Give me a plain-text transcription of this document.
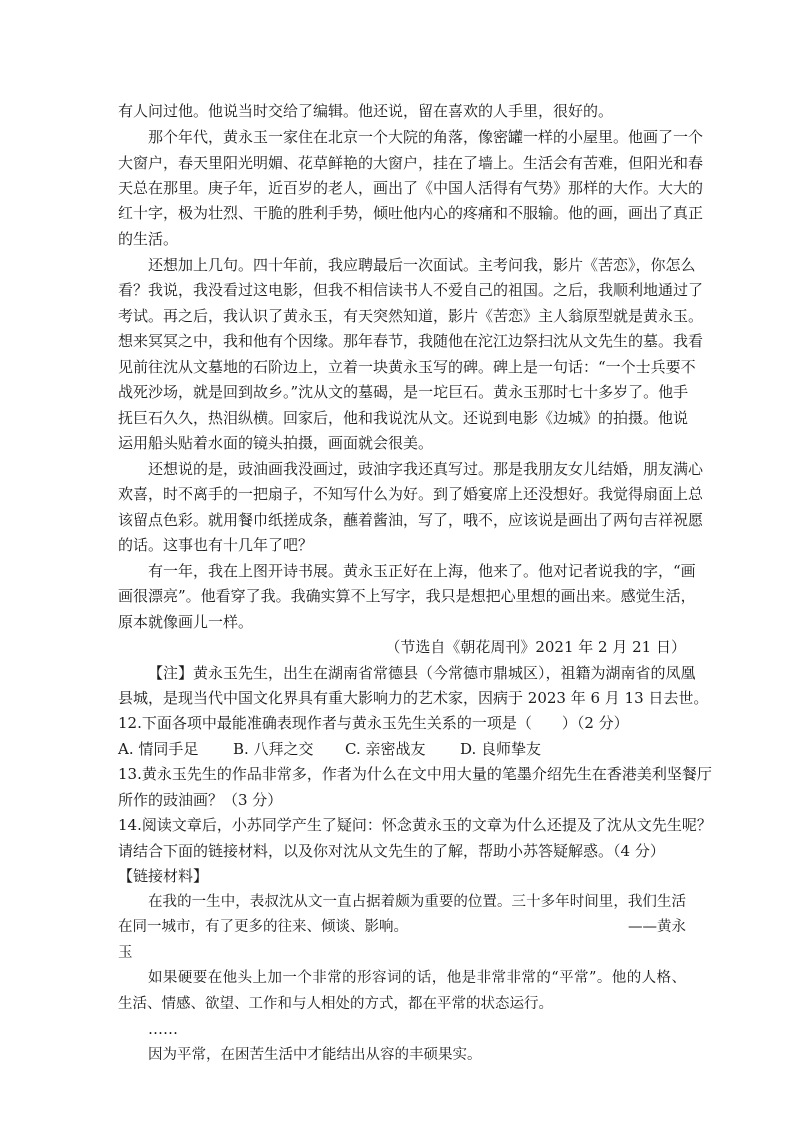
有人问过他。他说当时交给了编辑。他还说，留在喜欢的人手里，很好的。
那个年代，黄永玉一家住在北京一个大院的角落，像密罐一样的小屋里。他画了一个
大窗户，春天里阳光明媚、花草鲜艳的大窗户，挂在了墙上。生活会有苦难，但阳光和春
天总在那里。庚子年，近百岁的老人，画出了《中国人活得有气势》那样的大作。大大的
红十字，极为壮烈、干脆的胜利手势，倾吐他内心的疼痛和不服输。他的画，画出了真正
的生活。
还想加上几句。四十年前，我应聘最后一次面试。主考问我，影片《苦恋》，你怎么
看？我说，我没看过这电影，但我不相信读书人不爱自己的祖国。之后，我顺利地通过了
考试。再之后，我认识了黄永玉，有天突然知道，影片《苦恋》主人翁原型就是黄永玉。
想来冥冥之中，我和他有个因缘。那年春节，我随他在沱江边祭扫沈从文先生的墓。我看
见前往沈从文墓地的石阶边上，立着一块黄永玉写的碑。碑上是一句话：“一个士兵要不
战死沙场，就是回到故乡。”沈从文的墓碣，是一坨巨石。黄永玉那时七十多岁了。他手
抚巨石久久，热泪纵横。回家后，他和我说沈从文。还说到电影《边城》的拍摄。他说
运用船头贴着水面的镜头拍摄，画面就会很美。
还想说的是，豉油画我没画过，豉油字我还真写过。那是我朋友女儿结婚，朋友满心
欢喜，时不离手的一把扇子，不知写什么为好。到了婚宴席上还没想好。我觉得扇面上总
该留点色彩。就用餐巾纸搓成条，蘸着酱油，写了，哦不，应该说是画出了两句吉祥祝愿
的话。这事也有十几年了吧？
有一年，我在上图开诗书展。黄永玉正好在上海，他来了。他对记者说我的字，“画
画很漂亮”。他看穿了我。我确实算不上写字，我只是想把心里想的画出来。感觉生活，
原本就像画儿一样。
（节选自《朝花周刊》2021 年 2 月 21 日）
【注】黄永玉先生，出生在湖南省常德县（今常德市鼎城区），祖籍为湖南省的凤凰
县城，是现当代中国文化界具有重大影响力的艺术家，因病于 2023 年 6 月 13 日去世。
12.下面各项中最能准确表现作者与黄永玉先生关系的一项是（　　）（2 分）
A. 情同手足 B. 八拜之交 C. 亲密战友 D. 良师挚友
13.黄永玉先生的作品非常多，作者为什么在文中用大量的笔墨介绍先生在香港美利坚餐厅
所作的豉油画？（3 分）
14.阅读文章后，小苏同学产生了疑问：怀念黄永玉的文章为什么还提及了沈从文先生呢？
请结合下面的链接材料，以及你对沈从文先生的了解，帮助小苏答疑解惑。（4 分）
【链接材料】
在我的一生中，表叔沈从文一直占据着颇为重要的位置。三十多年时间里，我们生活
在同一城市，有了更多的往来、倾谈、影响。	——黄永
玉
如果硬要在他头上加一个非常的形容词的话，他是非常非常的“平常”。他的人格、
生活、情感、欲望、工作和与人相处的方式，都在平常的状态运行。
……
因为平常，在困苦生活中才能结出从容的丰硕果实。
